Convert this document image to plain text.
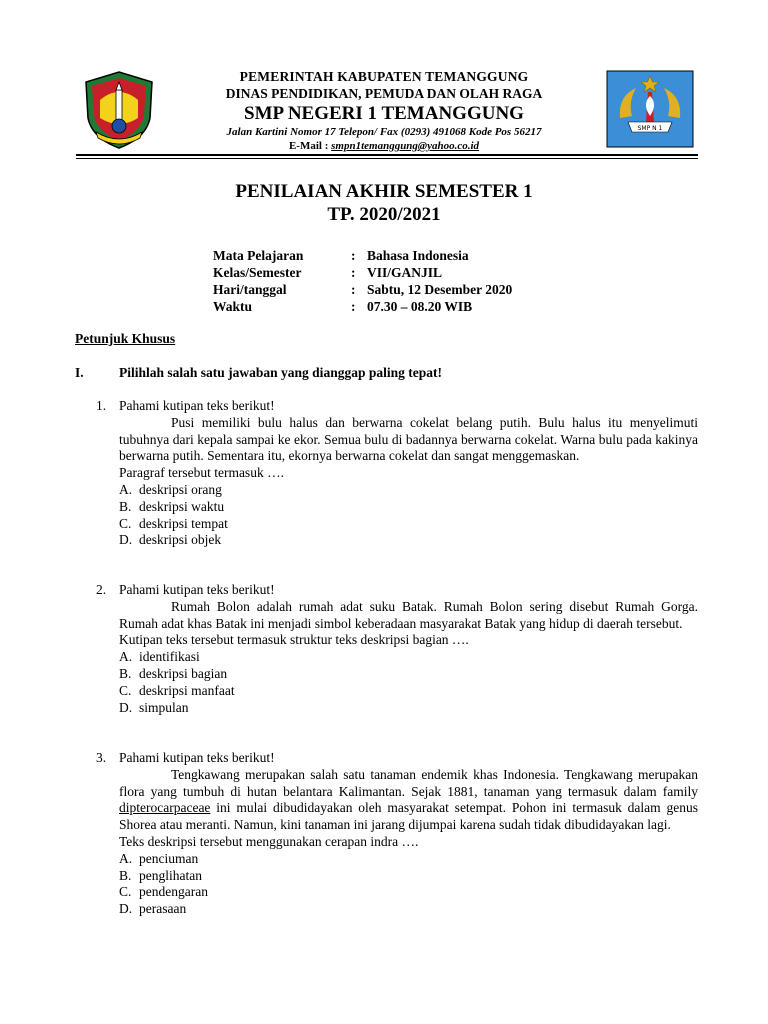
SMP N 1
PEMERINTAH KABUPATEN TEMANGGUNG
DINAS PENDIDIKAN, PEMUDA DAN OLAH RAGA
SMP NEGERI 1 TEMANGGUNG
Jalan Kartini Nomor 17 Telepon/ Fax (0293) 491068 Kode Pos 56217
E-Mail : smpn1temanggung@yahoo.co.id
PENILAIAN AKHIR SEMESTER 1
TP. 2020/2021
Mata Pelajaran	: Bahasa Indonesia
Kelas/Semester	: VII/GANJIL
Hari/tanggal	: Sabtu, 12 Desember 2020
Waktu	: 07.30 – 08.20 WIB
Petunjuk Khusus
I.	Pilihlah salah satu jawaban yang dianggap paling tepat!
1. Pahami kutipan teks berikut!
Pusi memiliki bulu halus dan berwarna cokelat belang putih. Bulu halus itu menyelimuti tubuhnya dari kepala sampai ke ekor. Semua bulu di badannya berwarna cokelat. Warna bulu pada kakinya berwarna putih. Sementara itu, ekornya berwarna cokelat dan sangat menggemaskan.
Paragraf tersebut termasuk ….
A. deskripsi orang
B. deskripsi waktu
C. deskripsi tempat
D. deskripsi objek
2. Pahami kutipan teks berikut!
Rumah Bolon adalah rumah adat suku Batak. Rumah Bolon sering disebut Rumah Gorga. Rumah adat khas Batak ini menjadi simbol keberadaan masyarakat Batak yang hidup di daerah tersebut.
Kutipan teks tersebut termasuk struktur teks deskripsi bagian ….
A. identifikasi
B. deskripsi bagian
C. deskripsi manfaat
D. simpulan
3. Pahami kutipan teks berikut!
Tengkawang merupakan salah satu tanaman endemik khas Indonesia. Tengkawang merupakan flora yang tumbuh di hutan belantara Kalimantan. Sejak 1881, tanaman yang termasuk dalam family dipterocarpaceae ini mulai dibudidayakan oleh masyarakat setempat. Pohon ini termasuk dalam genus Shorea atau meranti. Namun, kini tanaman ini jarang dijumpai karena sudah tidak dibudidayakan lagi.
Teks deskripsi tersebut menggunakan cerapan indra ….
A. penciuman
B. penglihatan
C. pendengaran
D. perasaan
